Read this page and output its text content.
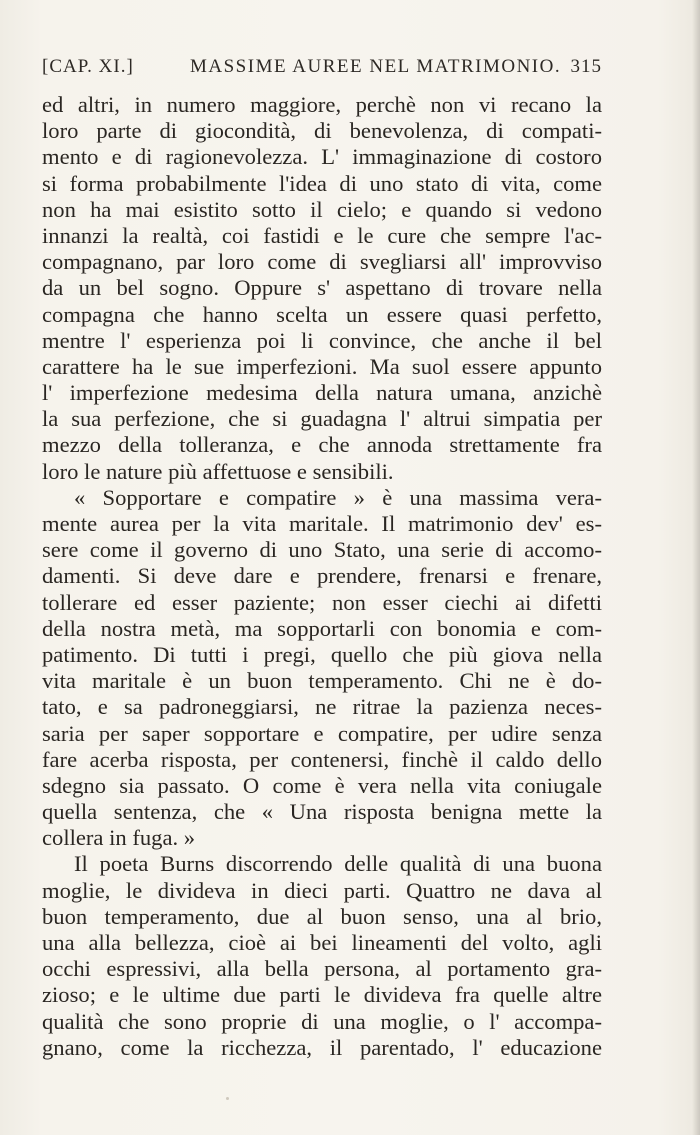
[CAP. XI.]	MASSIME AUREE NEL MATRIMONIO. 315
ed altri, in numero maggiore, perchè non vi recano la
loro parte di giocondità, di benevolenza, di compati-
mento e di ragionevolezza. L' immaginazione di costoro
si forma probabilmente l'idea di uno stato di vita, come
non ha mai esistito sotto il cielo; e quando si vedono
innanzi la realtà, coi fastidi e le cure che sempre l'ac-
compagnano, par loro come di svegliarsi all' improvviso
da un bel sogno. Oppure s' aspettano di trovare nella
compagna che hanno scelta un essere quasi perfetto,
mentre l' esperienza poi li convince, che anche il bel
carattere ha le sue imperfezioni. Ma suol essere appunto
l' imperfezione medesima della natura umana, anzichè
la sua perfezione, che si guadagna l' altrui simpatia per
mezzo della tolleranza, e che annoda strettamente fra
loro le nature più affettuose e sensibili.
« Sopportare e compatire » è una massima vera-
mente aurea per la vita maritale. Il matrimonio dev' es-
sere come il governo di uno Stato, una serie di accomo-
damenti. Si deve dare e prendere, frenarsi e frenare,
tollerare ed esser paziente; non esser ciechi ai difetti
della nostra metà, ma sopportarli con bonomia e com-
patimento. Di tutti i pregi, quello che più giova nella
vita maritale è un buon temperamento. Chi ne è do-
tato, e sa padroneggiarsi, ne ritrae la pazienza neces-
saria per saper sopportare e compatire, per udire senza
fare acerba risposta, per contenersi, finchè il caldo dello
sdegno sia passato. O come è vera nella vita coniugale
quella sentenza, che « Una risposta benigna mette la
collera in fuga. »
Il poeta Burns discorrendo delle qualità di una buona
moglie, le divideva in dieci parti. Quattro ne dava al
buon temperamento, due al buon senso, una al brio,
una alla bellezza, cioè ai bei lineamenti del volto, agli
occhi espressivi, alla bella persona, al portamento gra-
zioso; e le ultime due parti le divideva fra quelle altre
qualità che sono proprie di una moglie, o l' accompa-
gnano, come la ricchezza, il parentado, l' educazione
